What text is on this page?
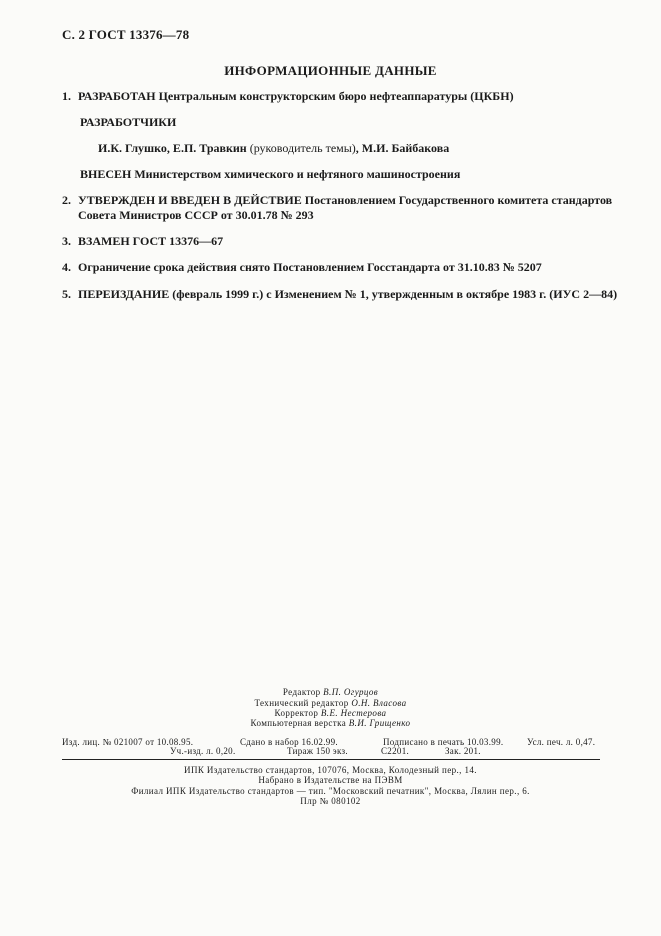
С. 2 ГОСТ 13376—78
ИНФОРМАЦИОННЫЕ ДАННЫЕ
1. РАЗРАБОТАН Центральным конструкторским бюро нефтеаппаратуры (ЦКБН)
РАЗРАБОТЧИКИ
И.К. Глушко, Е.П. Травкин (руководитель темы), М.И. Байбакова
ВНЕСЕН Министерством химического и нефтяного машиностроения
2. УТВЕРЖДЕН И ВВЕДЕН В ДЕЙСТВИЕ Постановлением Государственного комитета стандартов
Совета Министров СССР от 30.01.78 № 293
3. ВЗАМЕН ГОСТ 13376—67
4. Ограничение срока действия снято Постановлением Госстандарта от 31.10.83 № 5207
5. ПЕРЕИЗДАНИЕ (февраль 1999 г.) с Изменением № 1, утвержденным в октябре 1983 г. (ИУС 2—84)
Редактор В.П. Огурцов
Технический редактор О.Н. Власова
Корректор В.Е. Нестерова
Компьютерная верстка В.И. Грищенко
Изд. лиц. № 021007 от 10.08.95.	Сдано в набор 16.02.99.	Подписано в печать 10.03.99.	Усл. печ. л. 0,47.
Уч.-изд. л. 0,20.	Тираж 150 экз.	С2201.	Зак. 201.
ИПК Издательство стандартов, 107076, Москва, Колодезный пер., 14.
Набрано в Издательстве на ПЭВМ
Филиал ИПК Издательство стандартов — тип. "Московский печатник", Москва, Лялин пер., 6.
Плр № 080102
